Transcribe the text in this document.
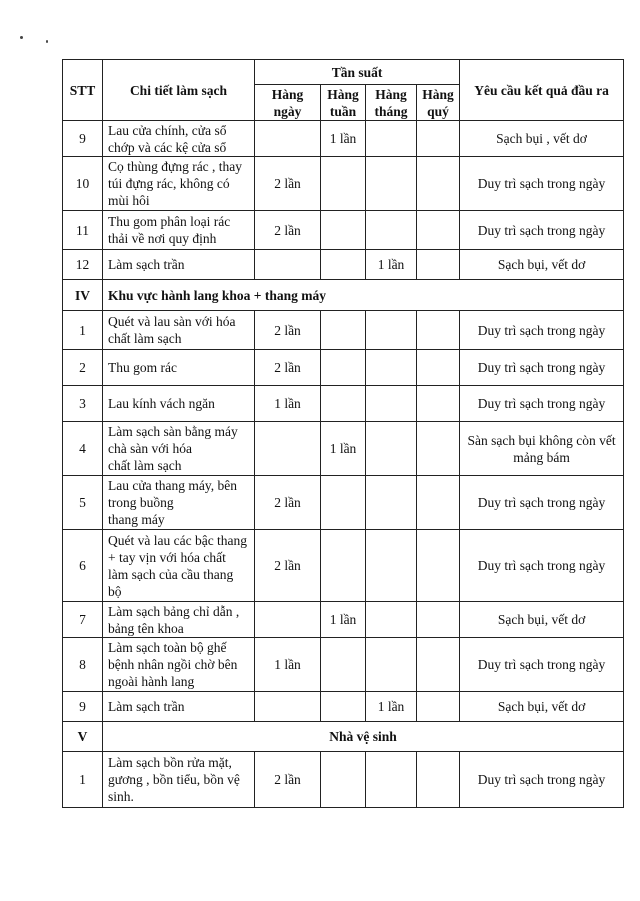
STT	Chi tiết làm sạch	Tần suất				Yêu cầu kết quả đầu ra
		Hàng ngày	Hàng tuần	Hàng tháng	Hàng quý	
9	Lau cửa chính, cửa sổ chớp và các kệ cửa sổ		1 lần			Sạch bụi , vết dơ
10	Cọ thùng đựng rác , thay túi đựng rác, không có mùi hôi	2 lần				Duy trì sạch trong ngày
11	Thu gom phân loại rác thải về nơi quy định	2 lần				Duy trì sạch trong ngày
12	Làm sạch trần			1 lần		Sạch bụi, vết dơ
IV	Khu vực hành lang khoa + thang máy					
1	Quét và lau sàn với hóa chất làm sạch	2 lần				Duy trì sạch trong ngày
2	Thu gom rác	2 lần				Duy trì sạch trong ngày
3	Lau kính vách ngăn	1 lần				Duy trì sạch trong ngày
4	Làm sạch sàn bằng máy chà sàn với hóa
chất làm sạch		1 lần			Sàn sạch bụi không còn vết mảng bám
5	Lau cửa thang máy, bên trong buồng
thang máy	2 lần				Duy trì sạch trong ngày
6	Quét và lau các bậc thang + tay vịn với hóa chất làm sạch của cầu thang bộ	2 lần				Duy trì sạch trong ngày
7	Làm sạch bảng chỉ dẫn , bảng tên khoa		1 lần			Sạch bụi, vết dơ
8	Làm sạch toàn bộ ghế bệnh nhân ngồi chờ bên ngoài hành lang	1 lần				Duy trì sạch trong ngày
9	Làm sạch trần			1 lần		Sạch bụi, vết dơ
V	Nhà vệ sinh					
1	Làm sạch bồn rửa mặt, gương , bồn tiểu, bồn vệ sinh.	2 lần				Duy trì sạch trong ngày
